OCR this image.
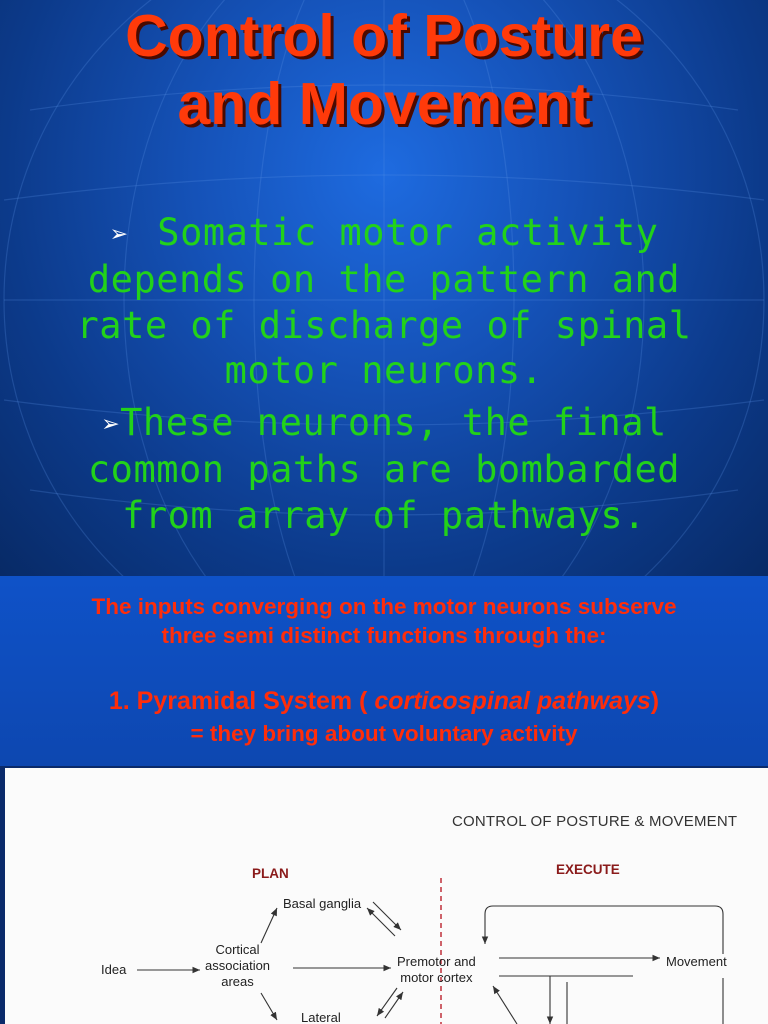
Control of Posture
and Movement

➢ Somatic motor activity
depends on the pattern and
rate of discharge of spinal
motor neurons.

➢These neurons, the final
common paths are bombarded
from array of pathways.

The inputs converging on the motor neurons subserve
three semi distinct functions through the:
1. Pyramidal System ( corticospinal pathways)
= they bring about voluntary activity
CONTROL OF POSTURE & MOVEMENT
PLAN	EXECUTE
Idea
Cortical
association
areas
Basal ganglia
Premotor and
motor cortex
Lateral
Movement
